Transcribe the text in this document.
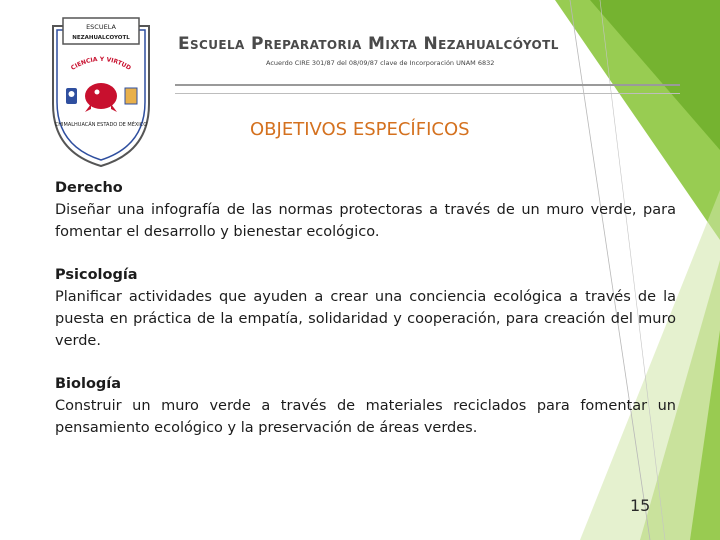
ESCUELA
NEZAHUALCOYOTL
CIENCIA Y VIRTUD
CHIMALHUACÁN ESTADO DE MÉXICO
Escuela Preparatoria Mixta Nezahualcóyotl
Acuerdo CIRE 301/87 del 08/09/87 clave de Incorporación UNAM 6832
OBJETIVOS ESPECÍFICOS
Derecho
Diseñar una infografía de las normas protectoras a través de un muro verde, para fomentar el desarrollo y bienestar ecológico.
Psicología
Planificar actividades que ayuden a crear una conciencia ecológica a través de la puesta en práctica de la empatía, solidaridad y cooperación, para creación del muro verde.
Biología
Construir un muro verde a través de materiales reciclados para fomentar un pensamiento ecológico y la preservación de áreas verdes.
15
